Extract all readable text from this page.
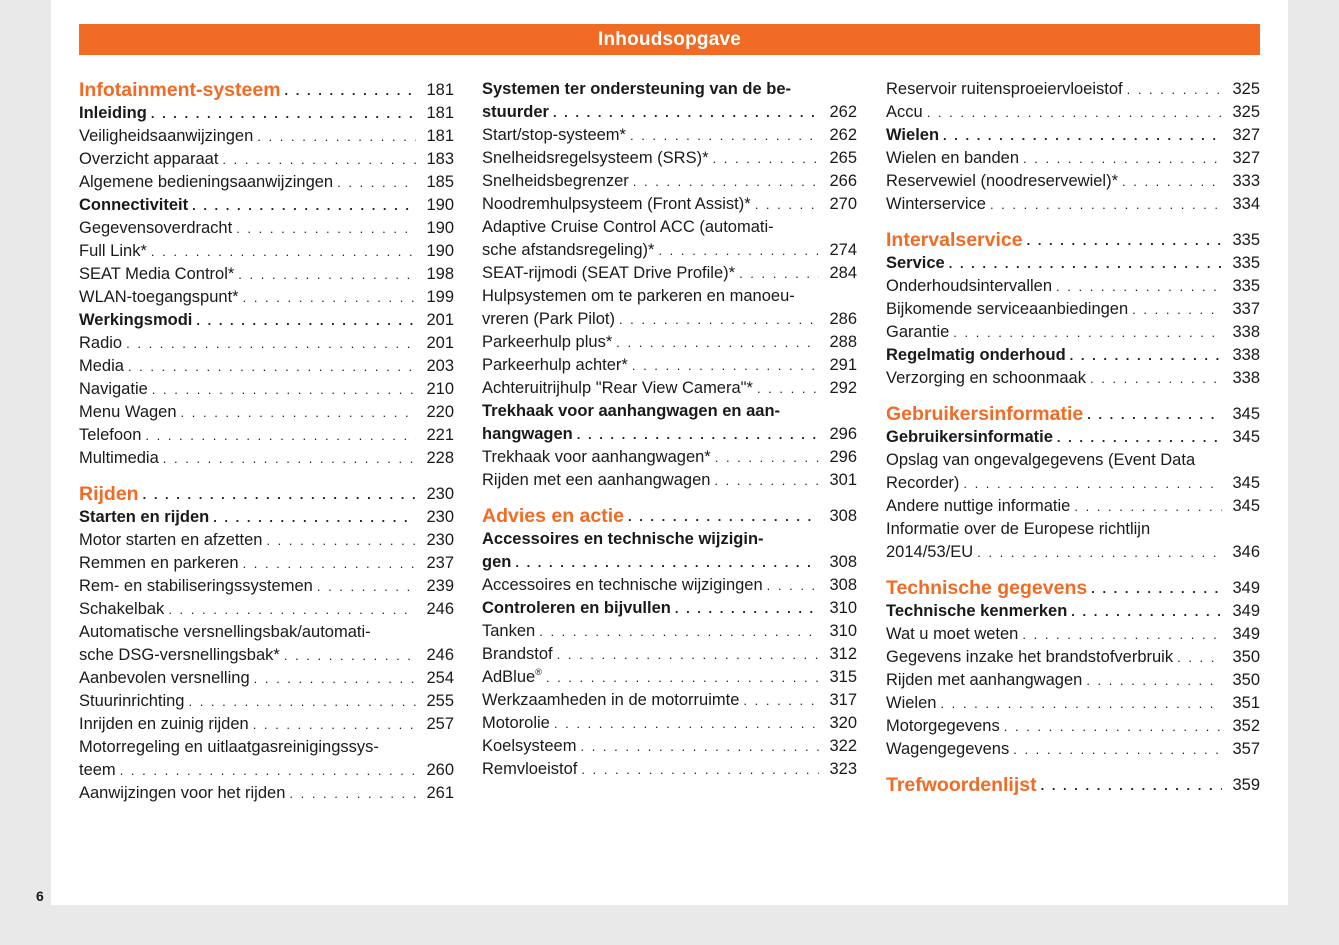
Inhoudsopgave
Infotainment-systeem . . .	181
Inleiding . . .	181
Veiligheidsaanwijzingen . . .	181
Overzicht apparaat . . .	183
Algemene bedieningsaanwijzingen . . .	185
Connectiviteit . . .	190
Gegevensoverdracht . . .	190
Full Link* . . .	190
SEAT Media Control* . . .	198
WLAN-toegangspunt* . . .	199
Werkingsmodi . . .	201
Radio . . .	201
Media . . .	203
Navigatie . . .	210
Menu Wagen . . .	220
Telefoon . . .	221
Multimedia . . .	228
Rijden . . .	230
Starten en rijden . . .	230
Motor starten en afzetten . . .	230
Remmen en parkeren . . .	237
Rem- en stabiliseringssystemen . . .	239
Schakelbak . . .	246
Automatische versnellingsbak/automati-
sche DSG-versnellingsbak* . . .	246
Aanbevolen versnelling . . .	254
Stuurinrichting . . .	255
Inrijden en zuinig rijden . . .	257
Motorregeling en uitlaatgasreinigingssys-
teem . . .	260
Aanwijzingen voor het rijden . . .	261
Systemen ter ondersteuning van de be-
stuurder . . .	262
Start/stop-systeem* . . .	262
Snelheidsregelsysteem (SRS)* . . .	265
Snelheidsbegrenzer . . .	266
Noodremhulpsysteem (Front Assist)* . . .	270
Adaptive Cruise Control ACC (automati-
sche afstandsregeling)* . . .	274
SEAT-rijmodi (SEAT Drive Profile)* . . .	284
Hulpsystemen om te parkeren en manoeu-
vreren (Park Pilot) . . .	286
Parkeerhulp plus* . . .	288
Parkeerhulp achter* . . .	291
Achteruitrijhulp "Rear View Camera"* . . .	292
Trekhaak voor aanhangwagen en aan-
hangwagen . . .	296
Trekhaak voor aanhangwagen* . . .	296
Rijden met een aanhangwagen . . .	301
Advies en actie . . .	308
Accessoires en technische wijzigin-
gen . . .	308
Accessoires en technische wijzigingen . . .	308
Controleren en bijvullen . . .	310
Tanken . . .	310
Brandstof . . .	312
AdBlue® . . .	315
Werkzaamheden in de motorruimte . . .	317
Motorolie . . .	320
Koelsysteem . . .	322
Remvloeistof . . .	323
Reservoir ruitensproeiervloeistof . . .	325
Accu . . .	325
Wielen . . .	327
Wielen en banden . . .	327
Reservewiel (noodreservewiel)* . . .	333
Winterservice . . .	334
Intervalservice . . .	335
Service . . .	335
Onderhoudsintervallen . . .	335
Bijkomende serviceaanbiedingen . . .	337
Garantie . . .	338
Regelmatig onderhoud . . .	338
Verzorging en schoonmaak . . .	338
Gebruikersinformatie . . .	345
Gebruikersinformatie . . .	345
Opslag van ongevalgegevens (Event Data
Recorder) . . .	345
Andere nuttige informatie . . .	345
Informatie over de Europese richtlijn
2014/53/EU . . .	346
Technische gegevens . . .	349
Technische kenmerken . . .	349
Wat u moet weten . . .	349
Gegevens inzake het brandstofverbruik . . .	350
Rijden met aanhangwagen . . .	350
Wielen . . .	351
Motorgegevens . . .	352
Wagengegevens . . .	357
Trefwoordenlijst . . .	359
6
